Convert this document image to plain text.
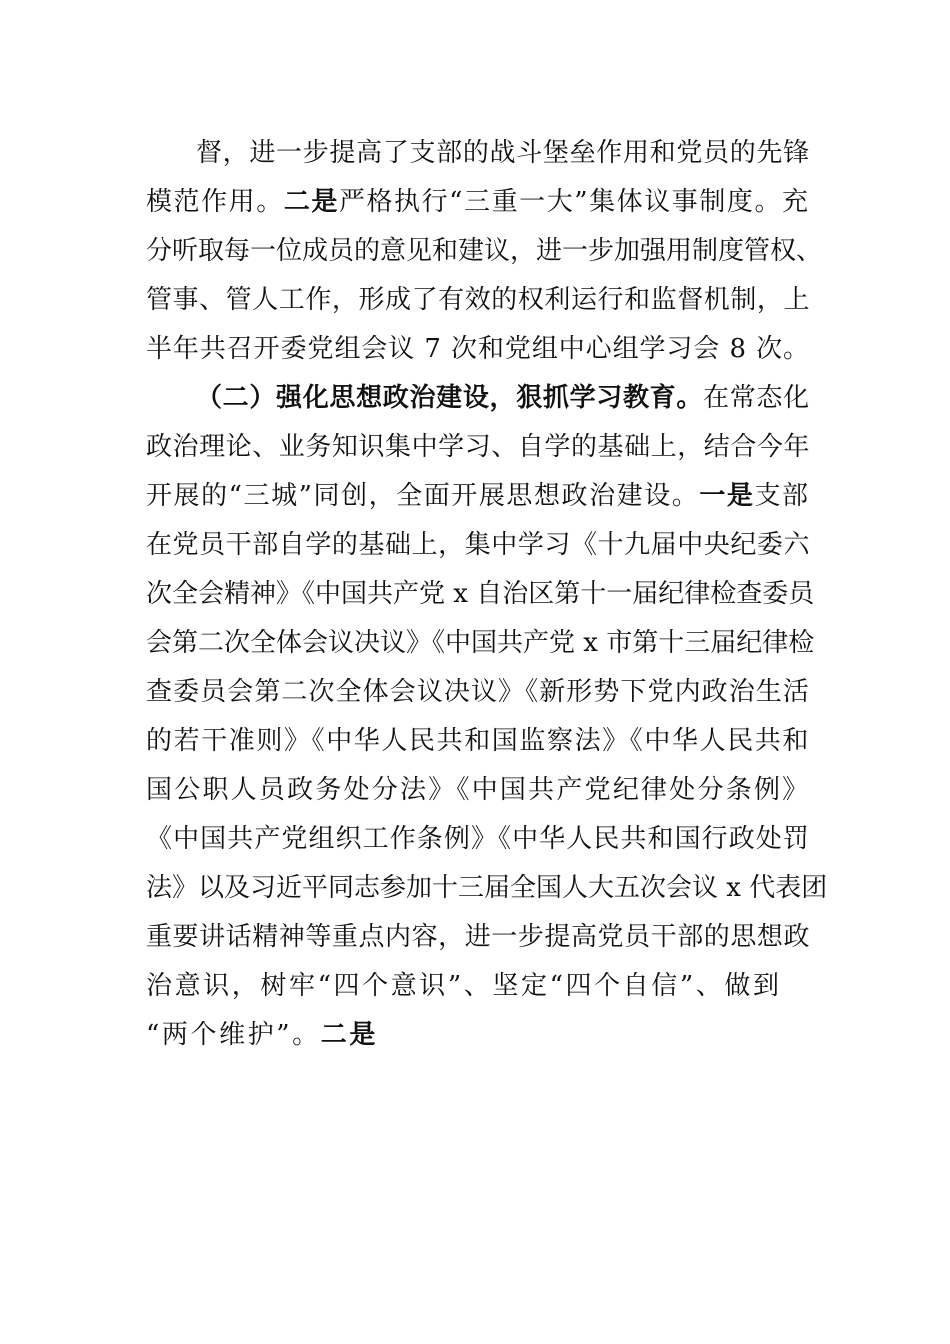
督，进一步提高了支部的战斗堡垒作用和党员的先锋
模范作用。二是严格执行“三重一大”集体议事制度。充
分听取每一位成员的意见和建议，进一步加强用制度管权、
管事、管人工作，形成了有效的权利运行和监督机制，上
半年共召开委党组会议 7 次和党组中心组学习会 8 次。
（二）强化思想政治建设，狠抓学习教育。在常态化
政治理论、业务知识集中学习、自学的基础上，结合今年
开展的“三城”同创，全面开展思想政治建设。一是支部
在党员干部自学的基础上，集中学习《十九届中央纪委六
次全会精神》《中国共产党 x 自治区第十一届纪律检查委员
会第二次全体会议决议》《中国共产党 x 市第十三届纪律检
查委员会第二次全体会议决议》《新形势下党内政治生活
的若干准则》《中华人民共和国监察法》《中华人民共和
国公职人员政务处分法》《中国共产党纪律处分条例》
《中国共产党组织工作条例》《中华人民共和国行政处罚
法》以及习近平同志参加十三届全国人大五次会议 x 代表团
重要讲话精神等重点内容，进一步提高党员干部的思想政
治意识，树牢“四个意识”、坚定“四个自信”、做到
“两个维护”。二是
